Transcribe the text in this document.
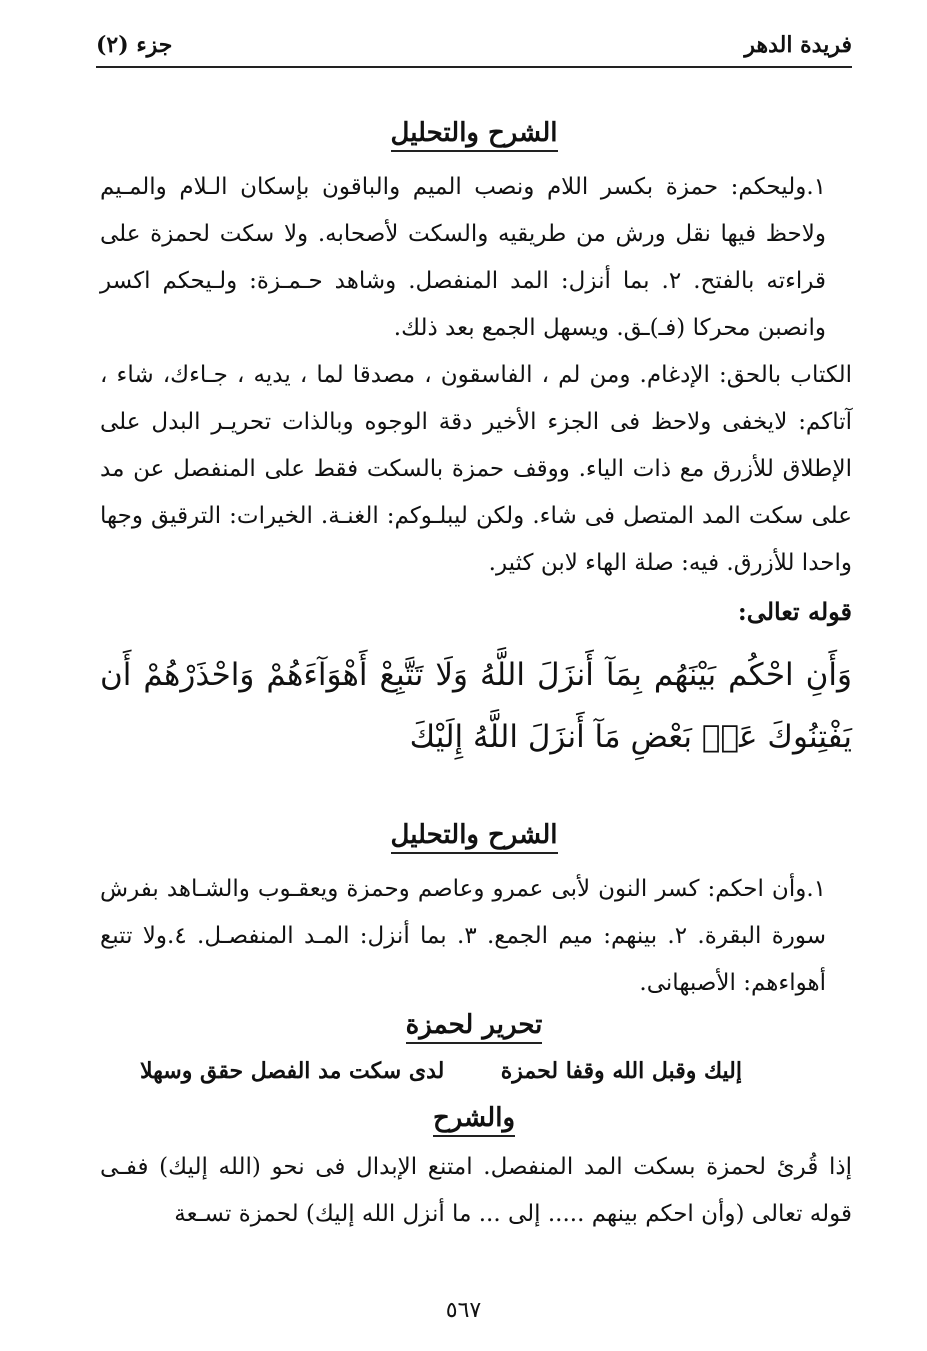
فريدة الدهر
جزء (٢)
الشرح والتحليل
١.وليحكم: حمزة بكسر اللام ونصب الميم والباقون بإسكان الـلام والمـيم ولاحظ فيها نقل ورش من طريقيه والسكت لأصحابه. ولا سكت لحمزة على قراءته بالفتح. ٢. بما أنزل: المد المنفصل. وشاهد حـمـزة: ولـيحكم اكسر وانصبن محركا (فـ)ـق. ويسهل الجمع بعد ذلك.
الكتاب بالحق: الإدغام. ومن لم ، الفاسقون ، مصدقا لما ، يديه ، جـاءك، شاء ، آتاكم: لايخفى ولاحظ فى الجزء الأخير دقة الوجوه وبالذات تحريـر البدل على الإطلاق للأزرق مع ذات الياء. ووقف حمزة بالسكت فقط على المنفصل عن مد على سكت المد المتصل فى شاء. ولكن ليبلـوكم: الغنـة. الخيرات: الترقيق وجها واحدا للأزرق. فيه: صلة الهاء لابن كثير.
قوله تعالى:
وَأَنِ احْكُم بَيْنَهُم بِمَآ أَنزَلَ اللَّهُ وَلَا تَتَّبِعْ أَهْوَآءَهُمْ وَاحْذَرْهُمْ أَن يَفْتِنُوكَ عَنۢ بَعْضِ مَآ أَنزَلَ اللَّهُ إِلَيْكَ
الشرح والتحليل
١.وأن احكم: كسر النون لأبى عمرو وعاصم وحمزة ويعقـوب والشـاهد بفرش سورة البقرة. ٢. بينهم: ميم الجمع. ٣. بما أنزل: المـد المنفصـل. ٤.ولا تتبع أهواءهم: الأصبهانى.
تحرير لحمزة
إليك وقبل الله وقفا لحمزة
لدى سكت مد الفصل حقق وسهلا
والشرح
إذا قُرئ لحمزة بسكت المد المنفصل. امتنع الإبدال فى نحو (الله إليك) ففـى قوله تعالى (وأن احكم بينهم ..... إلى ... ما أنزل الله إليك) لحمزة تسـعة
٥٦٧
